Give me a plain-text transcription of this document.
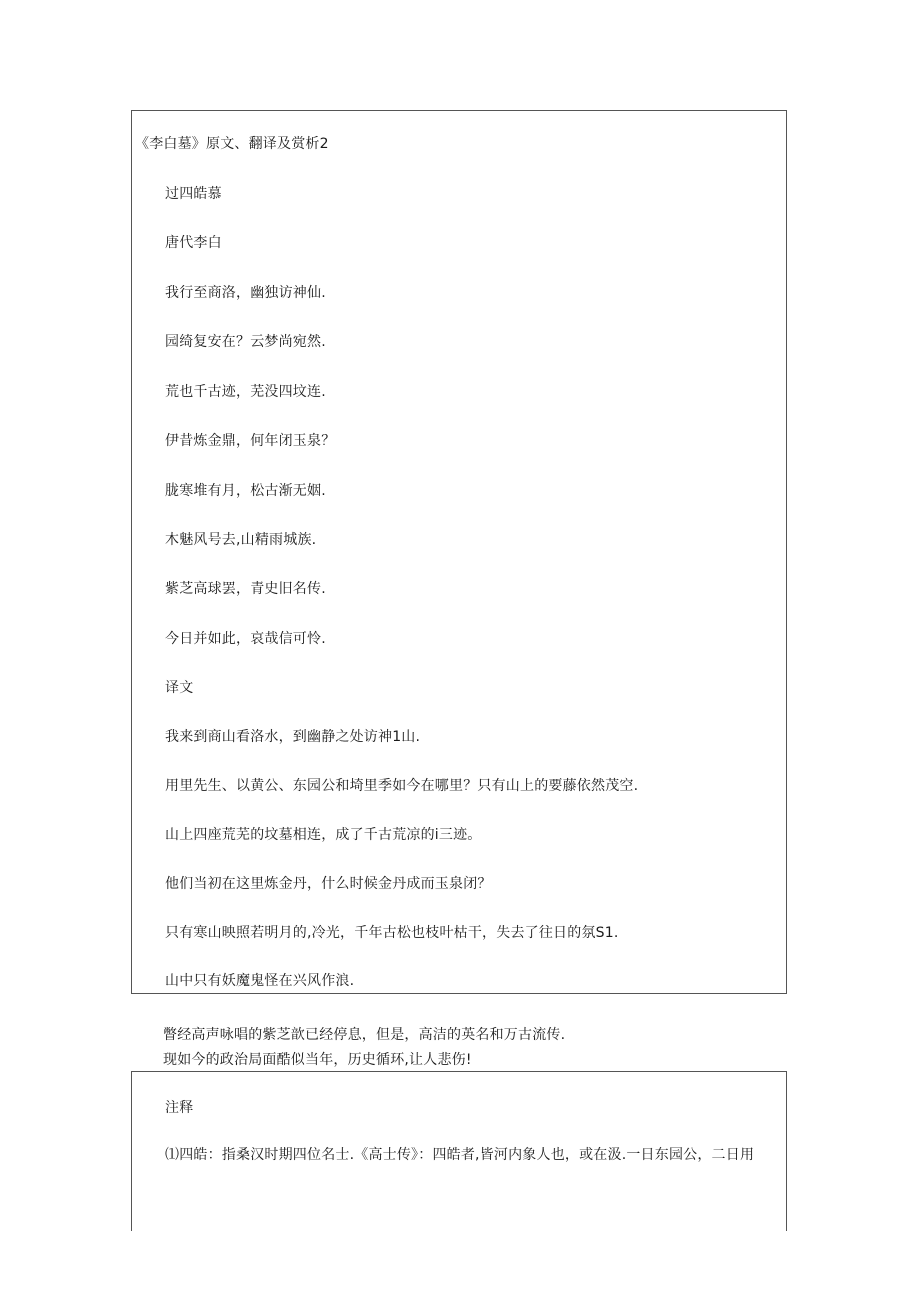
《李白墓》原文、翻译及赏析2
过四皓慕
唐代李白
我行至商洛，幽独访神仙.
园绮复安在？云梦尚宛然.
荒也千古迹，芜没四坟连.
伊昔炼金鼎，何年闭玉泉？
胧寒堆有月，松古渐无姻.
木魅风号去,山精雨城族.
紫芝高球罢，青史旧名传.
今日并如此，哀哉信可怜.
译文
我来到商山看洛水，到幽静之处访神1山.
用里先生、以黄公、东园公和埼里季如今在哪里？只有山上的要藤依然茂空.
山上四座荒芜的坟墓相连，成了千古荒凉的i三迹。
他们当初在这里炼金丹，什么时候金丹成而玉泉闭？
只有寒山映照若明月的,冷光，千年古松也枝叶枯干，失去了往日的氛S1.
山中只有妖魔鬼怪在兴风作浪.
瞥经高声咏唱的紫芝歆已经停息，但是，高洁的英名和万古流传.
现如今的政治局面酷似当年，历史循环,让人悲伤!
注释
⑴四皓：指桑汉时期四位名士.《高士传》：四皓者,皆河内象人也，或在汲.一日东园公，二日用
